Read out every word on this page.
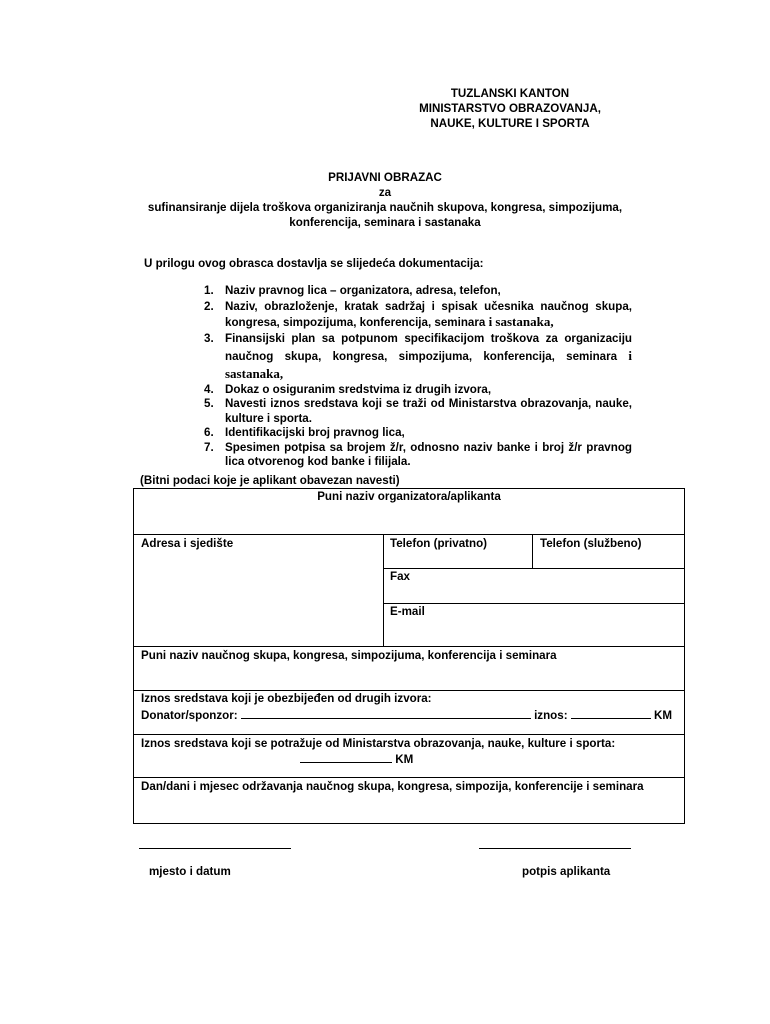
TUZLANSKI KANTON
MINISTARSTVO OBRAZOVANJA,
NAUKE, KULTURE I SPORTA
PRIJAVNI OBRAZAC
za
sufinansiranje dijela troškova organiziranja naučnih skupova, kongresa, simpozijuma,
konferencija, seminara i sastanaka
U prilogu ovog obrasca dostavlja se slijedeća dokumentacija:
1. Naziv pravnog lica – organizatora, adresa, telefon,
2. Naziv, obrazloženje, kratak sadržaj i spisak učesnika naučnog skupa, kongresa, simpozijuma, konferencija, seminara i sastanaka,
3. Finansijski plan sa potpunom specifikacijom troškova za organizaciju naučnog skupa, kongresa, simpozijuma, konferencija, seminara i sastanaka,
4. Dokaz o osiguranim sredstvima iz drugih izvora,
5. Navesti iznos sredstava koji se traži od Ministarstva obrazovanja, nauke, kulture i sporta.
6. Identifikacijski broj pravnog lica,
7. Spesimen potpisa sa brojem ž/r, odnosno naziv banke i broj ž/r pravnog lica otvorenog kod banke i filijala.
(Bitni podaci koje je aplikant obavezan navesti)
Puni naziv organizatora/aplikanta
Adresa i sjedište	Telefon (privatno)	Telefon (službeno)
Fax
E-mail
Puni naziv naučnog skupa, kongresa, simpozijuma, konferencija i seminara
Iznos sredstava koji je obezbijeđen od drugih izvora:
Donator/sponzor:	iznos:	KM
Iznos sredstava koji se potražuje od Ministarstva obrazovanja, nauke, kulture i sporta:
KM
Dan/dani i mjesec održavanja naučnog skupa, kongresa, simpozija, konferencije i seminara
mjesto i datum	potpis aplikanta
